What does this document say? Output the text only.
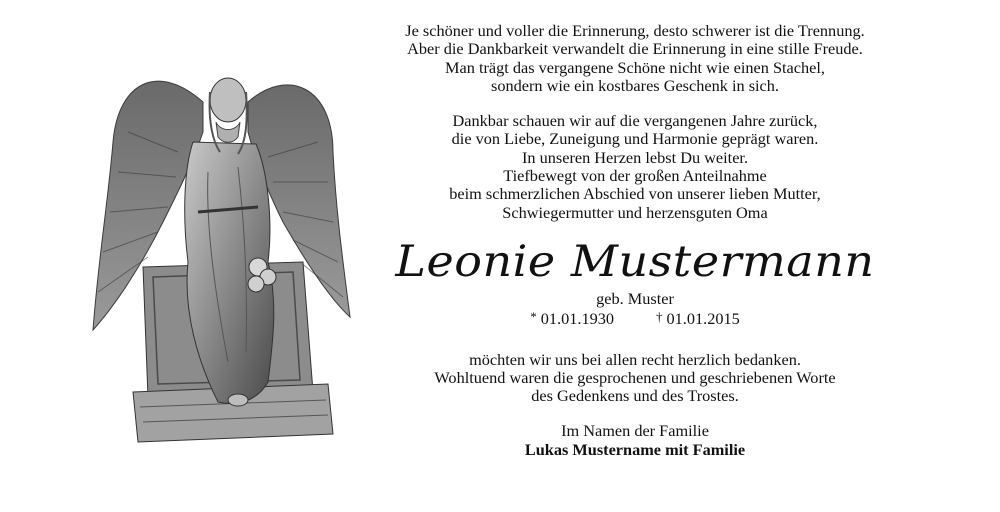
Je schöner und voller die Erinnerung, desto schwerer ist die Trennung.

Aber die Dankbarkeit verwandelt die Erinnerung in eine stille Freude.

Man trägt das vergangene Schöne nicht wie einen Stachel,

sondern wie ein kostbares Geschenk in sich.

Dankbar schauen wir auf die vergangenen Jahre zurück,

die von Liebe, Zuneigung und Harmonie geprägt waren.

In unseren Herzen lebst Du weiter.

Tiefbewegt von der großen Anteilnahme

beim schmerzlichen Abschied von unserer lieben Mutter,

Schwiegermutter und herzensguten Oma

Leonie Mustermann

geb. Muster

* 01.01.1930	† 01.01.2015

möchten wir uns bei allen recht herzlich bedanken.

Wohltuend waren die gesprochenen und geschriebenen Worte

des Gedenkens und des Trostes.

Im Namen der Familie

Lukas Mustername mit Familie
